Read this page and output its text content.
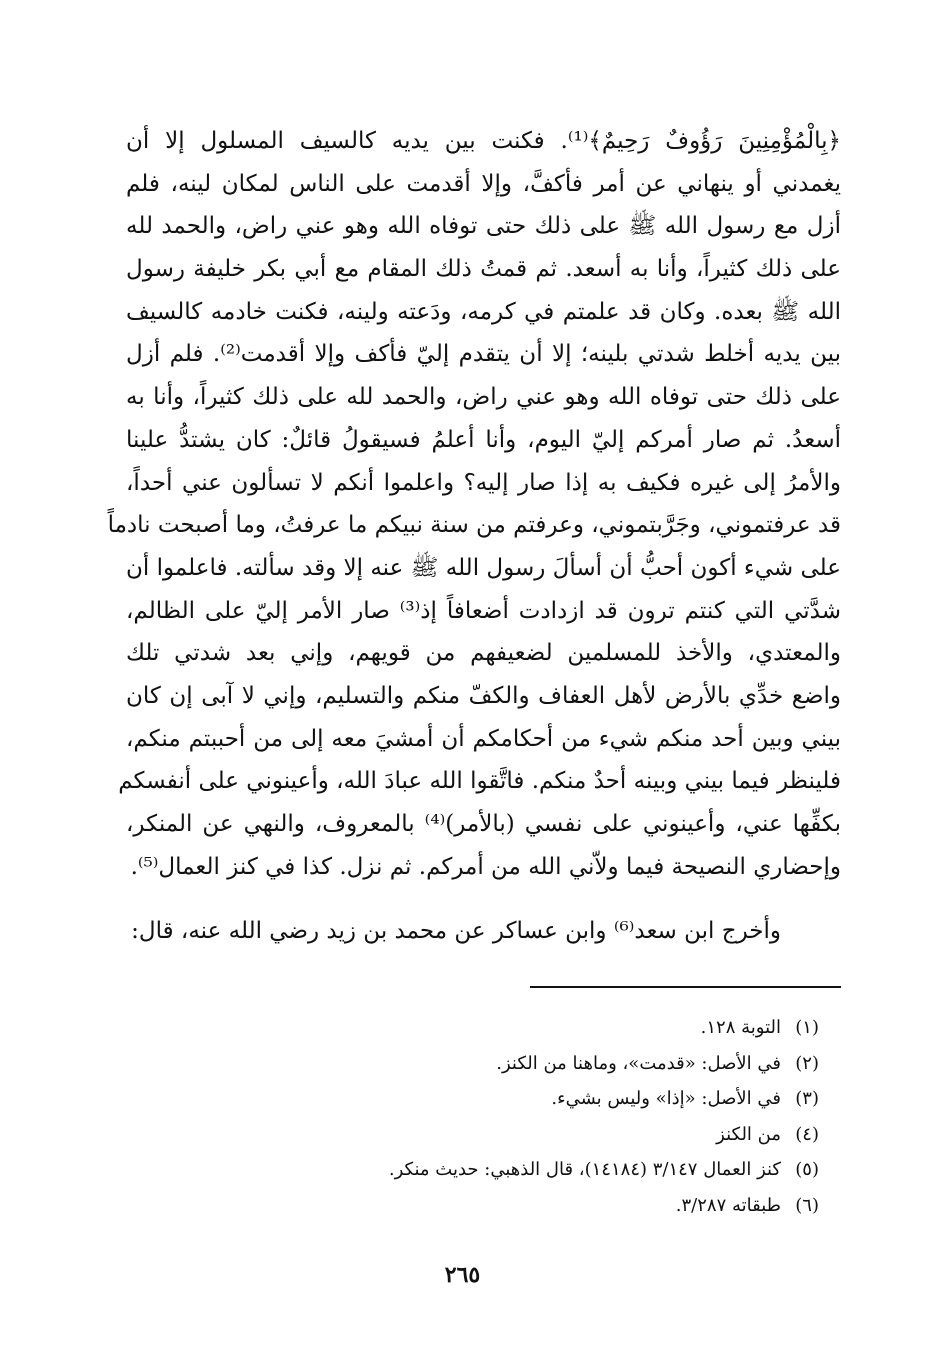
﴿بِالْمُؤْمِنِينَ رَؤُوفٌ رَحِيمٌ﴾⁽¹⁾. فكنت بين يديه كالسيف المسلول إلا أن
يغمدني أو ينهاني عن أمر فأكفَّ، وإلا أقدمت على الناس لمكان لينه، فلم
أزل مع رسول الله ﷺ على ذلك حتى توفاه الله وهو عني راض، والحمد لله
على ذلك كثيراً، وأنا به أسعد. ثم قمتُ ذلك المقام مع أبي بكر خليفة رسول
الله ﷺ بعده. وكان قد علمتم في كرمه، ودَعته ولينه، فكنت خادمه كالسيف
بين يديه أخلط شدتي بلينه؛ إلا أن يتقدم إليّ فأكف وإلا أقدمت⁽²⁾. فلم أزل
على ذلك حتى توفاه الله وهو عني راض، والحمد لله على ذلك كثيراً، وأنا به
أسعدُ. ثم صار أمركم إليّ اليوم، وأنا أعلمُ فسيقولُ قائلٌ: كان يشتدُّ علينا
والأمرُ إلى غيره فكيف به إذا صار إليه؟ واعلموا أنكم لا تسألون عني أحداً،
قد عرفتموني، وجَرَّبتموني، وعرفتم من سنة نبيكم ما عرفتُ، وما أصبحت نادماً
على شيء أكون أحبُّ أن أسألَ رسول الله ﷺ عنه إلا وقد سألته. فاعلموا أن
شدَّتي التي كنتم ترون قد ازدادت أضعافاً إذ⁽³⁾ صار الأمر إليّ على الظالم،
والمعتدي، والأخذ للمسلمين لضعيفهم من قويهم، وإني بعد شدتي تلك
واضع خدِّي بالأرض لأهل العفاف والكفّ منكم والتسليم، وإني لا آبى إن كان
بيني وبين أحد منكم شيء من أحكامكم أن أمشيَ معه إلى من أحببتم منكم،
فلينظر فيما بيني وبينه أحدٌ منكم. فاتَّقوا الله عبادَ الله، وأعينوني على أنفسكم
بكفِّها عني، وأعينوني على نفسي (بالأمر)⁽⁴⁾ بالمعروف، والنهي عن المنكر،
وإحضاري النصيحة فيما ولاّني الله من أمركم. ثم نزل. كذا في كنز العمال⁽⁵⁾.
وأخرج ابن سعد⁽⁶⁾ وابن عساكر عن محمد بن زيد رضي الله عنه، قال:
(١)
التوبة ١٢٨.
(٢)
في الأصل: «قدمت»، وماهنا من الكنز.
(٣)
في الأصل: «إذا» وليس بشيء.
(٤)
من الكنز
(٥)
كنز العمال ٣/١٤٧ (١٤١٨٤)، قال الذهبي: حديث منكر.
(٦)
طبقاته ٣/٢٨٧.
٢٦٥
